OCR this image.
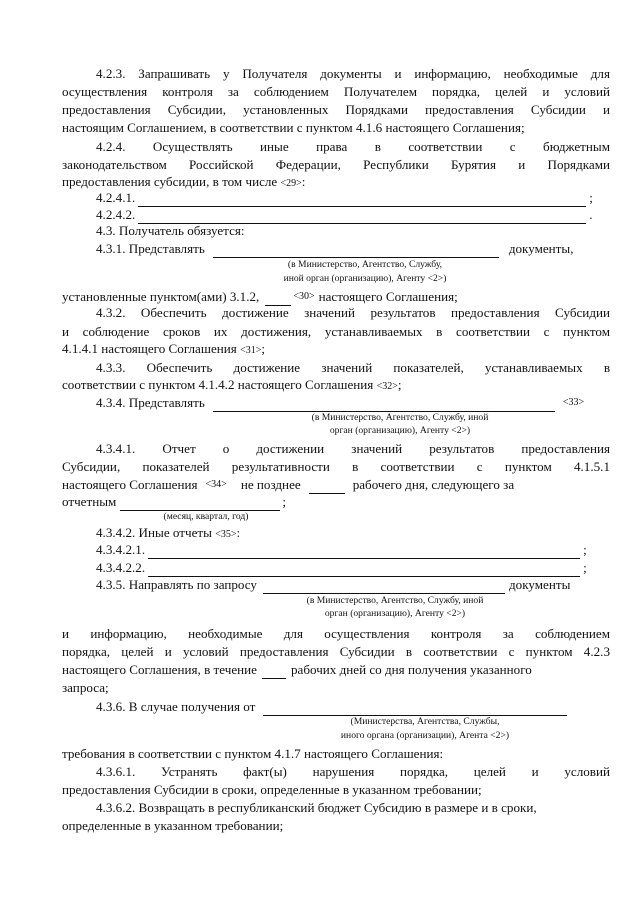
4.2.3. Запрашивать у Получателя документы и информацию, необходимые для
осуществления контроля за соблюдением Получателем порядка, целей и условий
предоставления Субсидии, установленных Порядками предоставления Субсидии и
настоящим Соглашением, в соответствии с пунктом 4.1.6 настоящего Соглашения;
4.2.4. Осуществлять иные права в соответствии с бюджетным
законодательством Российской Федерации, Республики Бурятия и Порядками
предоставления субсидии, в том числе <29>:
4.2.4.1.	;
4.2.4.2.	.
4.3. Получатель обязуется:
4.3.1. Представлять	документы,
(в Министерство, Агентство, Службу,
иной орган (организацию), Агенту <2>)
установленные пунктом(ами) 3.1.2,	<30> настоящего Соглашения;
4.3.2. Обеспечить достижение значений результатов предоставления Субсидии
и соблюдение сроков их достижения, устанавливаемых в соответствии с пунктом
4.1.4.1 настоящего Соглашения <31>;
4.3.3. Обеспечить достижение значений показателей, устанавливаемых в
соответствии с пунктом 4.1.4.2 настоящего Соглашения <32>;
4.3.4. Представлять	<33>
(в Министерство, Агентство, Службу, иной
орган (организацию), Агенту <2>)
4.3.4.1. Отчет о достижении значений результатов предоставления
Субсидии, показателей результативности в соответствии с пунктом 4.1.5.1
настоящего Соглашения <34> не позднее	рабочего дня, следующего за
отчетным	;
(месяц, квартал, год)
4.3.4.2. Иные отчеты <35>:
4.3.4.2.1.	;
4.3.4.2.2.	;
4.3.5. Направлять по запросу	документы
(в Министерство, Агентство, Службу, иной
орган (организацию), Агенту <2>)
и информацию, необходимые для осуществления контроля за соблюдением
порядка, целей и условий предоставления Субсидии в соответствии с пунктом 4.2.3
настоящего Соглашения, в течение	рабочих дней со дня получения указанного
запроса;
4.3.6. В случае получения от
(Министерства, Агентства, Службы,
иного органа (организации), Агента <2>)
требования в соответствии с пунктом 4.1.7 настоящего Соглашения:
4.3.6.1. Устранять факт(ы) нарушения порядка, целей и условий
предоставления Субсидии в сроки, определенные в указанном требовании;
4.3.6.2. Возвращать в республиканский бюджет Субсидию в размере и в сроки,
определенные в указанном требовании;
